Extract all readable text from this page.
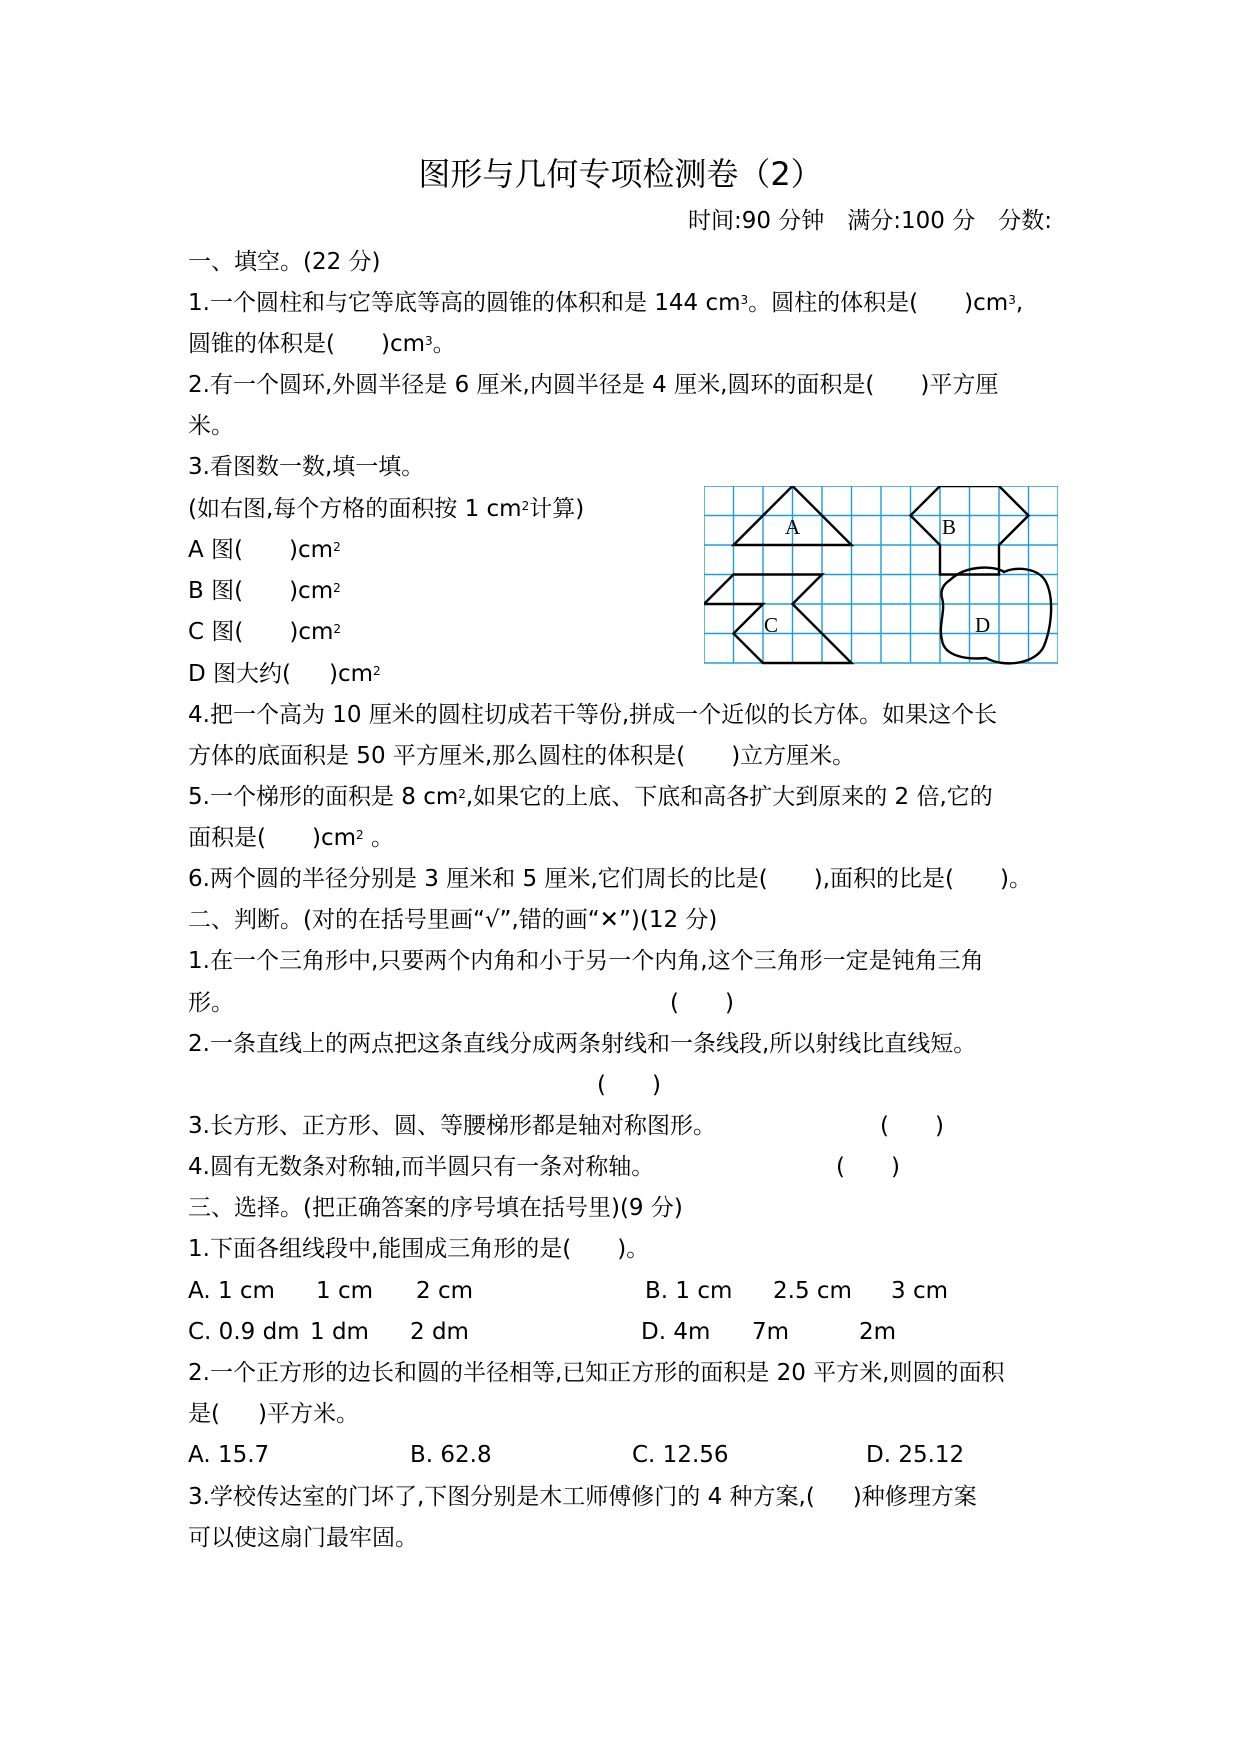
图形与几何专项检测卷（2）
时间:90 分钟　满分:100 分　分数:
一、填空。(22 分)
1.一个圆柱和与它等底等高的圆锥的体积和是 144 $cm^3$。圆柱的体积是( )$cm^3$,
圆锥的体积是( )$cm^3$。
2.有一个圆环,外圆半径是 6 厘米,内圆半径是 4 厘米,圆环的面积是( )平方厘
米。
3.看图数一数,填一填。
(如右图,每个方格的面积按 1 $cm^2$计算)
A 图( )$cm^2$
B 图( )$cm^2$
C 图( )$cm^2$
D 图大约( )$cm^2$
A	B
C	D
4.把一个高为 10 厘米的圆柱切成若干等份,拼成一个近似的长方体。如果这个长
方体的底面积是 50 平方厘米,那么圆柱的体积是( )立方厘米。
5.一个梯形的面积是 8 $cm^2$,如果它的上底、下底和高各扩大到原来的 2 倍,它的
面积是( )$cm^2$ 。
6.两个圆的半径分别是 3 厘米和 5 厘米,它们周长的比是( ),面积的比是( )。
二、判断。(对的在括号里画“√”,错的画“✕”)(12 分)
1.在一个三角形中,只要两个内角和小于另一个内角,这个三角形一定是钝角三角
形。	(　　)
2.一条直线上的两点把这条直线分成两条射线和一条线段,所以射线比直线短。
(　　)
3.长方形、正方形、圆、等腰梯形都是轴对称图形。	(　　)
4.圆有无数条对称轴,而半圆只有一条对称轴。	(　　)
三、选择。(把正确答案的序号填在括号里)(9 分)
1.下面各组线段中,能围成三角形的是( )。
A. 1 cm 1 cm 2 cm	B. 1 cm 2.5 cm 3 cm
C. 0.9 dm 1 dm 2 dm	D. 4m 7m	2m
2.一个正方形的边长和圆的半径相等,已知正方形的面积是 20 平方米,则圆的面积
是( )平方米。
A. 15.7	B. 62.8	C. 12.56	D. 25.12
3.学校传达室的门坏了,下图分别是木工师傅修门的 4 种方案,( )种修理方案
可以使这扇门最牢固。
